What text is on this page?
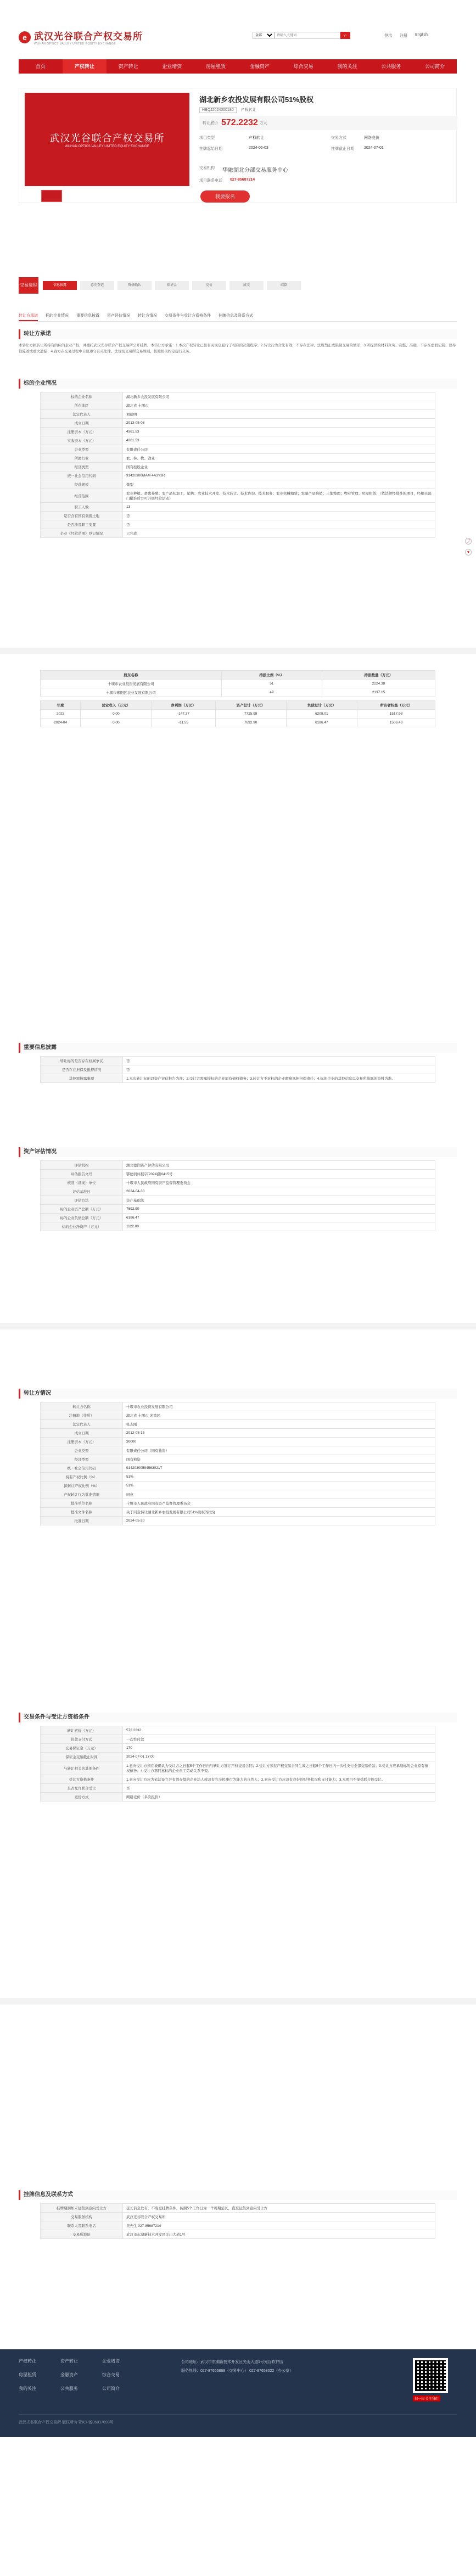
e 武汉光谷联合产权交易所
WUHAN OPTICS VALLEY UNITED EQUITY EXCHANGE
全部
请输入关键词
⌕	登录 注册 English
首页	产权转让	资产转让	企业增资	房屋租赁	金融资产	综合交易	我的关注	公共服务	公司简介
武汉光谷联合产权交易所
WUHAN OPTICS VALLEY UNITED EQUITY EXCHANGE
湖北新乡农投发展有限公司51%股权
HBQJ2024000180	产权转让
转让底价 572.2232 万元
项目类型	产权转让	交易方式	网络竞价
挂牌起始日期	2024-06-03	挂牌截止日期	2024-07-01
交易机构 华融湖北分部交易服务中心
项目联系电话 027-85687214
我要报名
交易进程	信息披露	意向登记	资格确认	保证金	竞价	成交	结算
转让方承诺 标的企业情况 重要信息披露 资产评估情况 转让方情况 交易条件与受让方资格条件 挂牌信息及联系方式
转让方承诺
本转让方拟转让所持有的标的企业产权，并委托武汉光谷联合产权交易所公开挂牌。本转让方承诺：1.本次产权转让已按有关规定履行了相应的决策程序；2.转让行为合法有效，不存在法律、法规禁止或限制交易的情形；3.所提供的材料真实、完整、准确，不存在虚假记载、误导性陈述或重大遗漏；4.我方在交易过程中自愿遵守有关法律、法规及交易所交易规则，按照相关约定履行义务。
标的企业情况
标的企业名称	湖北新乡农投发展有限公司
所在地区	湖北省 十堰市
法定代表人	刘德明
成立日期	2013-05-08
注册资本（万元）	4361.53
实收资本（万元）	4361.53
企业类型	有限责任公司
所属行业	农、林、牧、渔业
经济类型	国有控股企业
统一社会信用代码	91420300MA4F4A3Y3R
经营规模	微型
经营范围	农业种植、畜禽养殖；农产品初加工、销售；农业技术开发、技术转让、技术咨询、技术服务；农业机械租赁；农副产品购销；土地整理；物业管理；房屋租赁；（依法须经批准的项目，经相关部门批准后方可开展经营活动）
职工人数	13
是否含有国有划拨土地	否
是否涉及职工安置	否
企业《经营范围》登记情况	已完成
股东名称	持股比例（%）	持股数量（万元）
十堰市农业投资发展有限公司	51	2224.38
十堰市郧阳区农业发展有限公司	49	2137.15
年度	营业收入（万元）	净利润（万元）	资产总计（万元）	负债总计（万元）	所有者权益（万元）
2023	0.00	-147.37	7725.99	6208.01	1517.98
2024-04	0.00	-11.55	7692.90	6186.47	1506.43
重要信息披露
转让标的是否存在权属争议	否
是否存在担保及抵押情况	否
其他需披露事项	1.本次转让标的以资产评估报告为准；2.受让方需承接标的企业原有债权债务；3.转让方不对标的企业瑕疵承担担保责任；4.标的企业的其他信息以交易所披露的资料为准。
资产评估情况
评估机构	湖北德润资产评估有限公司
评估报告文号	鄂德润评报字[2024]第0415号
核准（备案）单位	十堰市人民政府国有资产监督管理委员会
评估基准日	2024-04-30
评估方法	资产基础法
标的企业资产总额（万元）	7692.90
标的企业负债总额（万元）	6186.47
标的企业净资产（万元）	1122.00
转让方情况
转让方名称	十堰市农业投资发展有限公司
注册地（住所）	湖北省 十堰市 茅箭区
法定代表人	张志刚
成立日期	2012-08-15
注册资本（万元）	30000
企业类型	有限责任公司（国有独资）
经济类型	国有独资
统一社会信用代码	91420300594563021T
持有产权比例（%）	51%
拟转让产权比例（%）	51%
产权转让行为批准情况	同意
批准单位名称	十堰市人民政府国有资产监督管理委员会
批准文件名称	关于同意转让湖北新乡农投发展有限公司51%股权的批复
批准日期	2024-05-20
交易条件与受让方资格条件
转让底价（万元）	572.2232
价款支付方式	一次性付款
交易保证金（万元）	170
保证金交纳截止时间	2024-07-01 17:00
与转让相关的其他条件	1.意向受让方须在被确认为受让方之日起5个工作日内与转让方签订产权交易合同；2.受让方须在产权交易合同生效之日起5个工作日内一次性支付全部交易价款；3.受让方应承继标的企业原有债权债务；4.受让方需同意标的企业员工劳动关系不变。
受让方资格条件	1.意向受让方应为依法设立并有效存续的企业法人或具有完全民事行为能力的自然人；2.意向受让方应具有良好的财务状况和支付能力；3.本项目不接受联合体受让。
是否允许联合受让	否
竞价方式	网络竞价（多次报价）
挂牌信息及联系方式
挂牌期满如未征集到意向受让方	延长信息发布，不变更挂牌条件，按照5个工作日为一个周期延长，直至征集到意向受让方
交易服务机构	武汉光谷联合产权交易所
联系人及联系电话	吴先生 027-85687214
交易所地址	武汉市东湖新技术开发区关山大道1号
⤴
♥
产权转让	资产转让	企业增资
房屋租赁	金融资产	综合交易
我的关注	公共服务	公司简介
公司地址：武汉市东湖新技术开发区关山大道1号光谷软件园
服务热线：027-87656868（交易中心） 027-87658022（办公室）
扫一扫 关注我们
武汉光谷联合产权交易所 版权所有 鄂ICP备05017693号
